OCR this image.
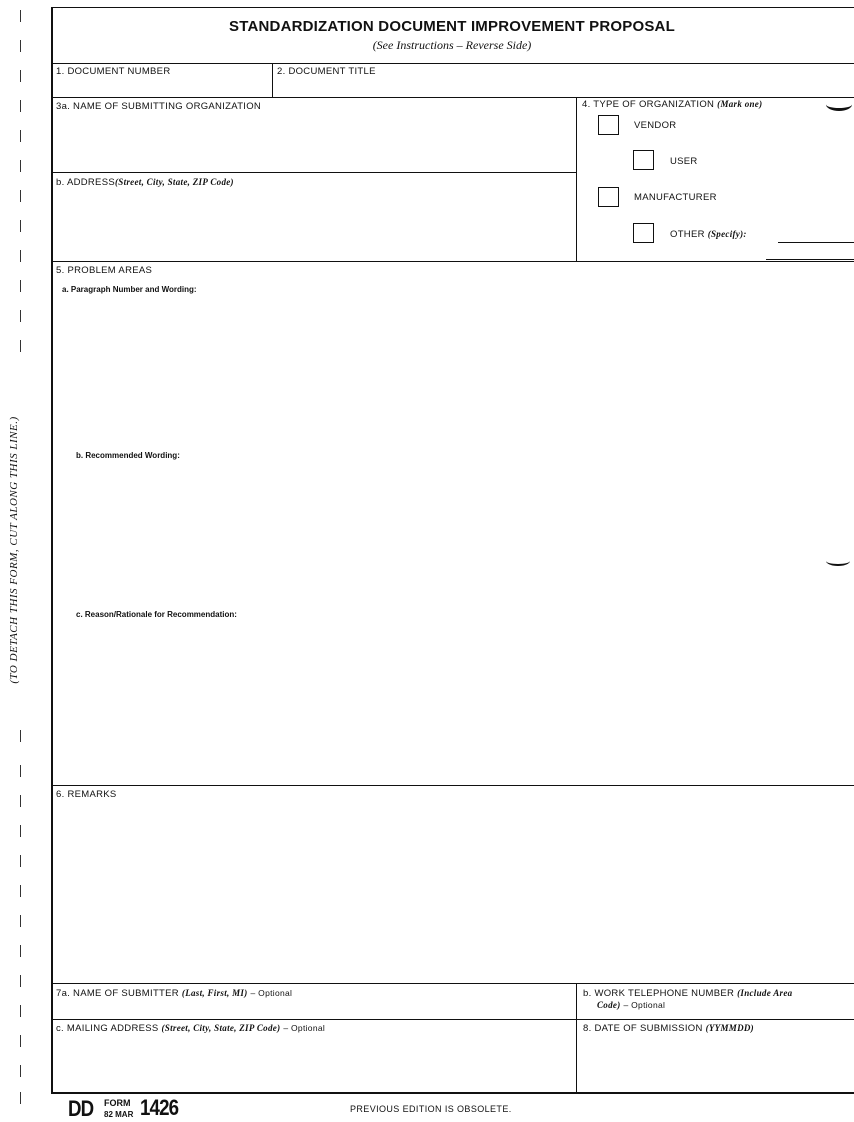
(TO DETACH THIS FORM, CUT ALONG THIS LINE.)
STANDARDIZATION DOCUMENT IMPROVEMENT PROPOSAL
(See Instructions – Reverse Side)
1. DOCUMENT NUMBER	2. DOCUMENT TITLE
3a. NAME OF SUBMITTING ORGANIZATION
b. ADDRESS(Street, City, State, ZIP Code)
4. TYPE OF ORGANIZATION (Mark one)
VENDOR
USER
MANUFACTURER
OTHER (Specify):
5. PROBLEM AREAS
a. Paragraph Number and Wording:
b. Recommended Wording:
c. Reason/Rationale for Recommendation:
6. REMARKS
7a. NAME OF SUBMITTER (Last, First, MI) – Optional	b. WORK TELEPHONE NUMBER (Include Area
Code) – Optional
c. MAILING ADDRESS (Street, City, State, ZIP Code) – Optional	8. DATE OF SUBMISSION (YYMMDD)
DD FORM
82 MAR 1426	PREVIOUS EDITION IS OBSOLETE.
